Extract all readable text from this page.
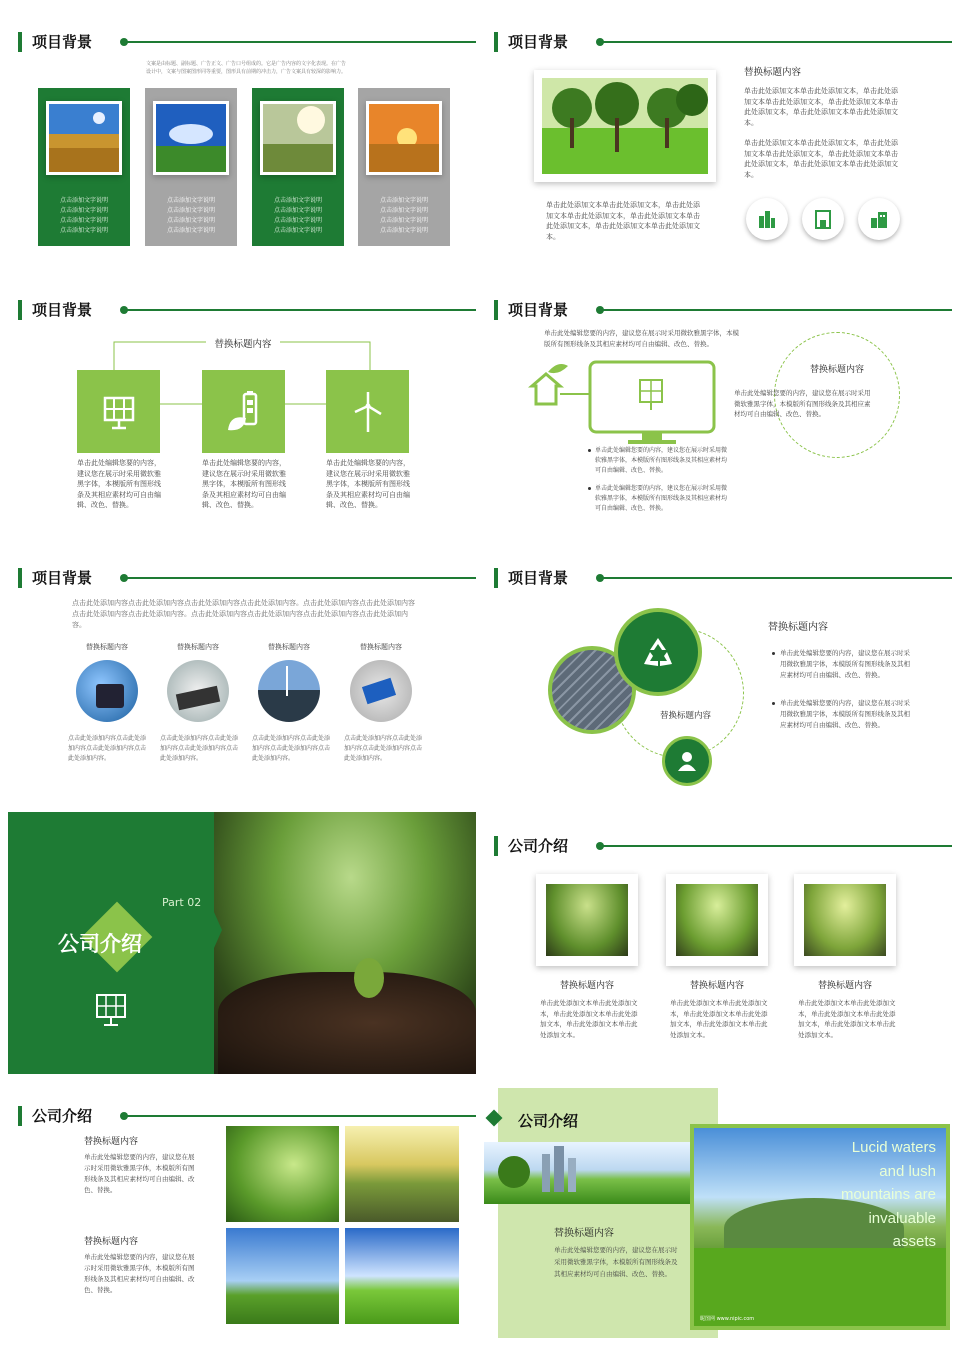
项目背景
文案是由标题、副标题、广告正文、广告口号组成的。它是广告内容的文字化表现。在广告设计中，文案与图案图形同等重要，图形具有前期的冲击力，广告文案具有较深的影响力。
点击添加文字说明
点击添加文字说明
点击添加文字说明
点击添加文字说明
点击添加文字说明
点击添加文字说明
点击添加文字说明
点击添加文字说明
点击添加文字说明
点击添加文字说明
点击添加文字说明
点击添加文字说明
点击添加文字说明
点击添加文字说明
点击添加文字说明
点击添加文字说明
项目背景
替换标题内容
单击此处添加文本单击此处添加文本，单击此处添加文本单击此处添加文本，单击此处添加文本单击此处添加文本，单击此处添加文本单击此处添加文本。
单击此处添加文本单击此处添加文本，单击此处添加文本单击此处添加文本，单击此处添加文本单击此处添加文本，单击此处添加文本单击此处添加文本。
单击此处添加文本单击此处添加文本，单击此处添加文本单击此处添加文本，单击此处添加文本单击此处添加文本，单击此处添加文本单击此处添加文本。
项目背景
替换标题内容
单击此处编辑您要的内容，建议您在展示时采用微软雅黑字体，本模版所有图形线条及其相应素材均可自由编辑、改色、替换。
单击此处编辑您要的内容，建议您在展示时采用微软雅黑字体，本模版所有图形线条及其相应素材均可自由编辑、改色、替换。
单击此处编辑您要的内容，建议您在展示时采用微软雅黑字体，本模版所有图形线条及其相应素材均可自由编辑、改色、替换。
项目背景
单击此处编辑您要的内容，建议您在展示时采用微软雅黑字体，本模版所有图形线条及其相应素材均可自由编辑、改色、替换。
替换标题内容
单击此处编辑您要的内容，建议您在展示时采用微软雅黑字体，本模版所有图形线条及其相应素材均可自由编辑、改色、替换。
单击此处编辑您要的内容，建议您在展示时采用微软雅黑字体，本模版所有图形线条及其相应素材均可自由编辑、改色、替换。
单击此处编辑您要的内容，建议您在展示时采用微软雅黑字体，本模版所有图形线条及其相应素材均可自由编辑、改色、替换。
项目背景
点击此处添加内容点击此处添加内容点击此处添加内容点击此处添加内容。点击此处添加内容点击此处添加内容点击此处添加内容点击此处添加内容。点击此处添加内容点击此处添加内容点击此处添加内容点击此处添加内容。
替换标题内容	替换标题内容	替换标题内容	替换标题内容
点击此处添加内容点击此处添加内容点击此处添加内容点击此处添加内容。
点击此处添加内容点击此处添加内容点击此处添加内容点击此处添加内容。
点击此处添加内容点击此处添加内容点击此处添加内容点击此处添加内容。
点击此处添加内容点击此处添加内容点击此处添加内容点击此处添加内容。
项目背景
替换标题内容
替换标题内容
单击此处编辑您要的内容，建议您在展示时采用微软雅黑字体，本模版所有图形线条及其相应素材均可自由编辑、改色、替换。
单击此处编辑您要的内容，建议您在展示时采用微软雅黑字体，本模版所有图形线条及其相应素材均可自由编辑、改色、替换。
Part 02
公司介绍
公司介绍
替换标题内容	替换标题内容	替换标题内容
单击此处添加文本单击此处添加文本，单击此处添加文本单击此处添加文本，单击此处添加文本单击此处添加文本。
单击此处添加文本单击此处添加文本，单击此处添加文本单击此处添加文本，单击此处添加文本单击此处添加文本。
单击此处添加文本单击此处添加文本，单击此处添加文本单击此处添加文本，单击此处添加文本单击此处添加文本。
公司介绍
替换标题内容
单击此处编辑您要的内容，建议您在展示时采用微软雅黑字体，本模版所有图形线条及其相应素材均可自由编辑、改色、替换。
替换标题内容
单击此处编辑您要的内容，建议您在展示时采用微软雅黑字体，本模版所有图形线条及其相应素材均可自由编辑、改色、替换。
公司介绍
替换标题内容
单击此处编辑您要的内容，建议您在展示时采用微软雅黑字体，本模版所有图形线条及其相应素材均可自由编辑、改色、替换。
Lucid waters
and lush
mountains are
invaluable
assets
昵图网 www.nipic.com
